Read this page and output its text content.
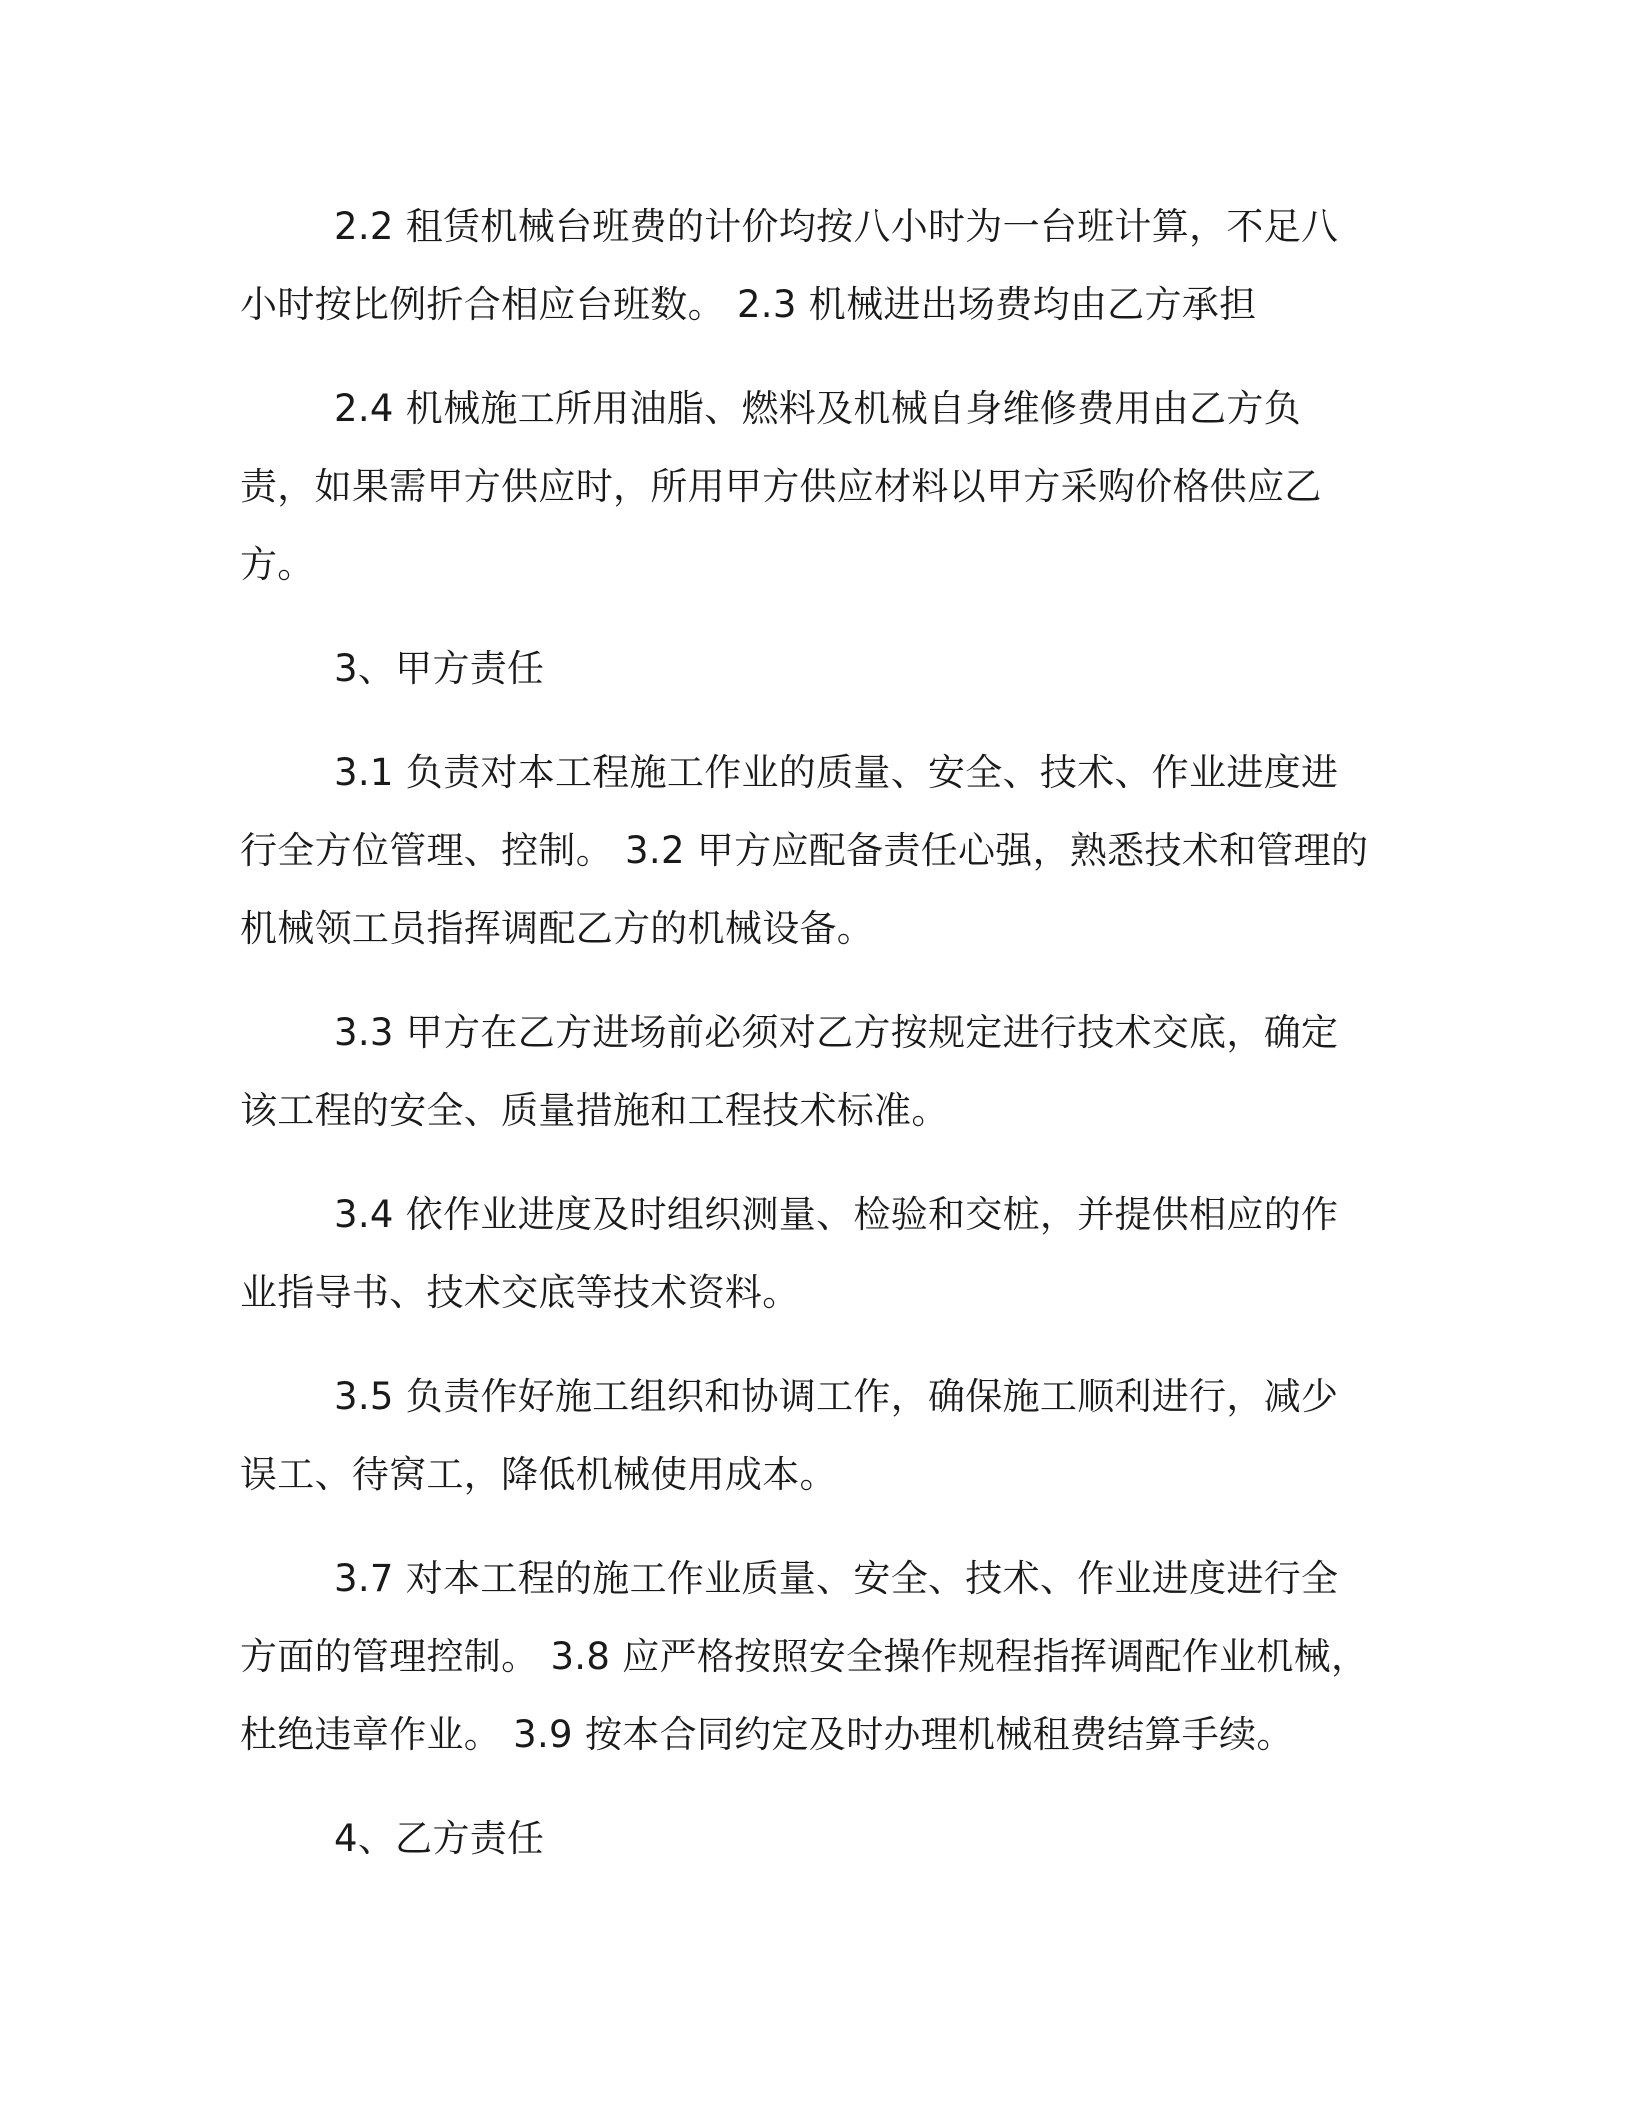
2.2 租赁机械台班费的计价均按八小时为一台班计算，不足八小时按比例折合相应台班数。 2.3 机械进出场费均由乙方承担

2.4 机械施工所用油脂、燃料及机械自身维修费用由乙方负责，如果需甲方供应时，所用甲方供应材料以甲方采购价格供应乙方。

3、甲方责任

3.1 负责对本工程施工作业的质量、安全、技术、作业进度进行全方位管理、控制。 3.2 甲方应配备责任心强，熟悉技术和管理的机械领工员指挥调配乙方的机械设备。

3.3 甲方在乙方进场前必须对乙方按规定进行技术交底，确定该工程的安全、质量措施和工程技术标准。

3.4 依作业进度及时组织测量、检验和交桩，并提供相应的作业指导书、技术交底等技术资料。

3.5 负责作好施工组织和协调工作，确保施工顺利进行，减少误工、待窝工，降低机械使用成本。

3.7 对本工程的施工作业质量、安全、技术、作业进度进行全方面的管理控制。 3.8 应严格按照安全操作规程指挥调配作业机械，杜绝违章作业。 3.9 按本合同约定及时办理机械租费结算手续。

4、乙方责任
